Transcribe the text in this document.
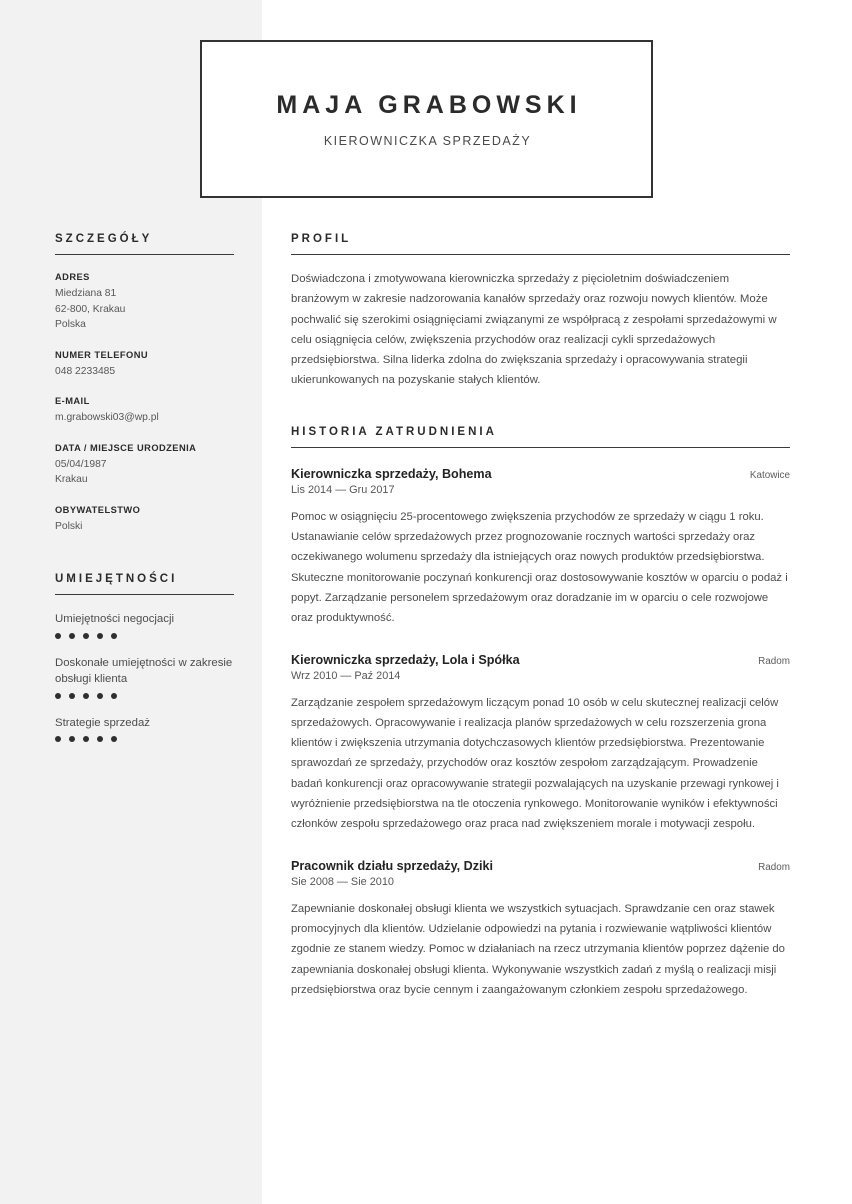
MAJA GRABOWSKI
KIEROWNICZKA SPRZEDAŻY
SZCZEGÓŁY
ADRES
Miedziana 81
62-800, Krakau
Polska
NUMER TELEFONU
048 2233485
E-MAIL
m.grabowski03@wp.pl
DATA / MIEJSCE URODZENIA
05/04/1987
Krakau
OBYWATELSTWO
Polski
UMIEJĘTNOŚCI
Umiejętności negocjacji
Doskonałe umiejętności w zakresie obsługi klienta
Strategie sprzedaż
PROFIL
Doświadczona i zmotywowana kierowniczka sprzedaży z pięcioletnim doświadczeniem branżowym w zakresie nadzorowania kanałów sprzedaży oraz rozwoju nowych klientów. Może pochwalić się szerokimi osiągnięciami związanymi ze współpracą z zespołami sprzedażowymi w celu osiągnięcia celów, zwiększenia przychodów oraz realizacji cykli sprzedażowych przedsiębiorstwa. Silna liderka zdolna do zwiększania sprzedaży i opracowywania strategii ukierunkowanych na pozyskanie stałych klientów.
HISTORIA ZATRUDNIENIA
Kierowniczka sprzedaży, Bohema	Katowice
Lis 2014 — Gru 2017
Pomoc w osiągnięciu 25-procentowego zwiększenia przychodów ze sprzedaży w ciągu 1 roku. Ustanawianie celów sprzedażowych przez prognozowanie rocznych wartości sprzedaży oraz oczekiwanego wolumenu sprzedaży dla istniejących oraz nowych produktów przedsiębiorstwa. Skuteczne monitorowanie poczynań konkurencji oraz dostosowywanie kosztów w oparciu o podaż i popyt. Zarządzanie personelem sprzedażowym oraz doradzanie im w oparciu o cele rozwojowe oraz produktywność.
Kierowniczka sprzedaży, Lola i Spółka	Radom
Wrz 2010 — Paź 2014
Zarządzanie zespołem sprzedażowym liczącym ponad 10 osób w celu skutecznej realizacji celów sprzedażowych. Opracowywanie i realizacja planów sprzedażowych w celu rozszerzenia grona klientów i zwiększenia utrzymania dotychczasowych klientów przedsiębiorstwa. Prezentowanie sprawozdań ze sprzedaży, przychodów oraz kosztów zespołom zarządzającym. Prowadzenie badań konkurencji oraz opracowywanie strategii pozwalających na uzyskanie przewagi rynkowej i wyróżnienie przedsiębiorstwa na tle otoczenia rynkowego. Monitorowanie wyników i efektywności członków zespołu sprzedażowego oraz praca nad zwiększeniem morale i motywacji zespołu.
Pracownik działu sprzedaży, Dziki	Radom
Sie 2008 — Sie 2010
Zapewnianie doskonałej obsługi klienta we wszystkich sytuacjach. Sprawdzanie cen oraz stawek promocyjnych dla klientów. Udzielanie odpowiedzi na pytania i rozwiewanie wątpliwości klientów zgodnie ze stanem wiedzy. Pomoc w działaniach na rzecz utrzymania klientów poprzez dążenie do zapewniania doskonałej obsługi klienta. Wykonywanie wszystkich zadań z myślą o realizacji misji przedsiębiorstwa oraz bycie cennym i zaangażowanym członkiem zespołu sprzedażowego.
